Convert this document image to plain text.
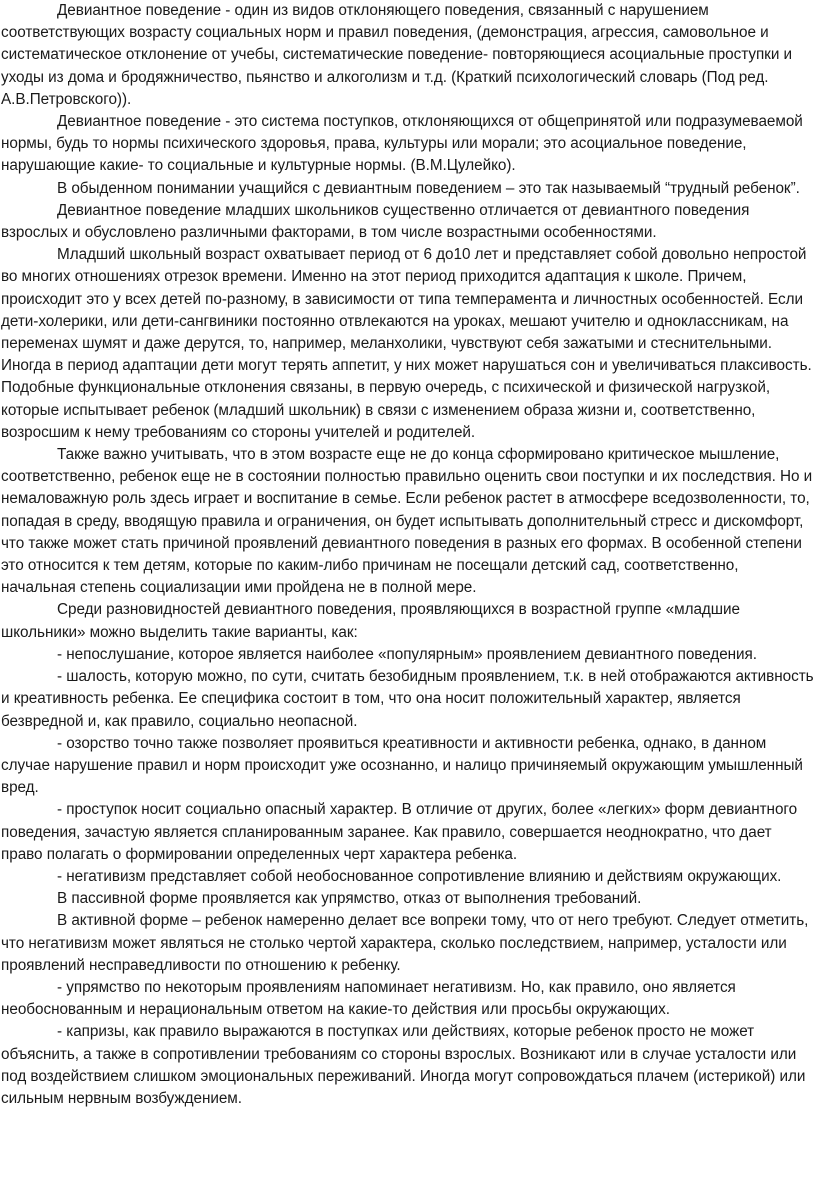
Девиантное поведение - один из видов отклоняющего поведения, связанный с нарушением соответствующих возрасту социальных норм и правил поведения, (демонстрация, агрессия, самовольное и систематическое отклонение от учебы, систематические поведение- повторяющиеся асоциальные проступки и уходы из дома и бродяжничество, пьянство и алкоголизм и т.д. (Краткий психологический словарь (Под ред. А.В.Петровского)).

Девиантное поведение - это система поступков, отклоняющихся от общепринятой или подразумеваемой нормы, будь то нормы психического здоровья, права, культуры или морали; это асоциальное поведение, нарушающие какие- то социальные и культурные нормы. (В.М.Цулейко).

В обыденном понимании учащийся с девиантным поведением – это так называемый “трудный ребенок”.

Девиантное поведение младших школьников существенно отличается от девиантного поведения взрослых и обусловлено различными факторами, в том числе возрастными особенностями.

Младший школьный возраст охватывает период от 6 до10 лет и представляет собой довольно непростой во многих отношениях отрезок времени. Именно на этот период приходится адаптация к школе. Причем, происходит это у всех детей по-разному, в зависимости от типа темперамента и личностных особенностей. Если дети-холерики, или дети-сангвиники постоянно отвлекаются на уроках, мешают учителю и одноклассникам, на переменах шумят и даже дерутся, то, например, меланхолики, чувствуют себя зажатыми и стеснительными. Иногда в период адаптации дети могут терять аппетит, у них может нарушаться сон и увеличиваться плаксивость. Подобные функциональные отклонения связаны, в первую очередь, с психической и физической нагрузкой, которые испытывает ребенок (младший школьник) в связи с изменением образа жизни и, соответственно, возросшим к нему требованиям со стороны учителей и родителей.

Также важно учитывать, что в этом возрасте еще не до конца сформировано критическое мышление, соответственно, ребенок еще не в состоянии полностью правильно оценить свои поступки и их последствия. Но и немаловажную роль здесь играет и воспитание в семье. Если ребенок растет в атмосфере вседозволенности, то, попадая в среду, вводящую правила и ограничения, он будет испытывать дополнительный стресс и дискомфорт, что также может стать причиной проявлений девиантного поведения в разных его формах. В особенной степени это относится к тем детям, которые по каким-либо причинам не посещали детский сад, соответственно, начальная степень социализации ими пройдена не в полной мере.

Среди разновидностей девиантного поведения, проявляющихся в возрастной группе «младшие школьники» можно выделить такие варианты, как:

- непослушание, которое является наиболее «популярным» проявлением девиантного поведения.

- шалость, которую можно, по сути, считать безобидным проявлением, т.к. в ней отображаются активность и креативность ребенка. Ее специфика состоит в том, что она носит положительный характер, является безвредной и, как правило, социально неопасной.

- озорство точно также позволяет проявиться креативности и активности ребенка, однако, в данном случае нарушение правил и норм происходит уже осознанно, и налицо причиняемый окружающим умышленный вред.

- проступок носит социально опасный характер. В отличие от других, более «легких» форм девиантного поведения, зачастую является спланированным заранее. Как правило, совершается неоднократно, что дает право полагать о формировании определенных черт характера ребенка.

- негативизм представляет собой необоснованное сопротивление влиянию и действиям окружающих.

В пассивной форме проявляется как упрямство, отказ от выполнения требований.

В активной форме – ребенок намеренно делает все вопреки тому, что от него требуют. Следует отметить, что негативизм может являться не столько чертой характера, сколько последствием, например, усталости или проявлений несправедливости по отношению к ребенку.

- упрямство по некоторым проявлениям напоминает негативизм. Но, как правило, оно является необоснованным и нерациональным ответом на какие-то действия или просьбы окружающих.

- капризы, как правило выражаются в поступках или действиях, которые ребенок просто не может объяснить, а также в сопротивлении требованиям со стороны взрослых. Возникают или в случае усталости или под воздействием слишком эмоциональных переживаний. Иногда могут сопровождаться плачем (истерикой) или сильным нервным возбуждением.
